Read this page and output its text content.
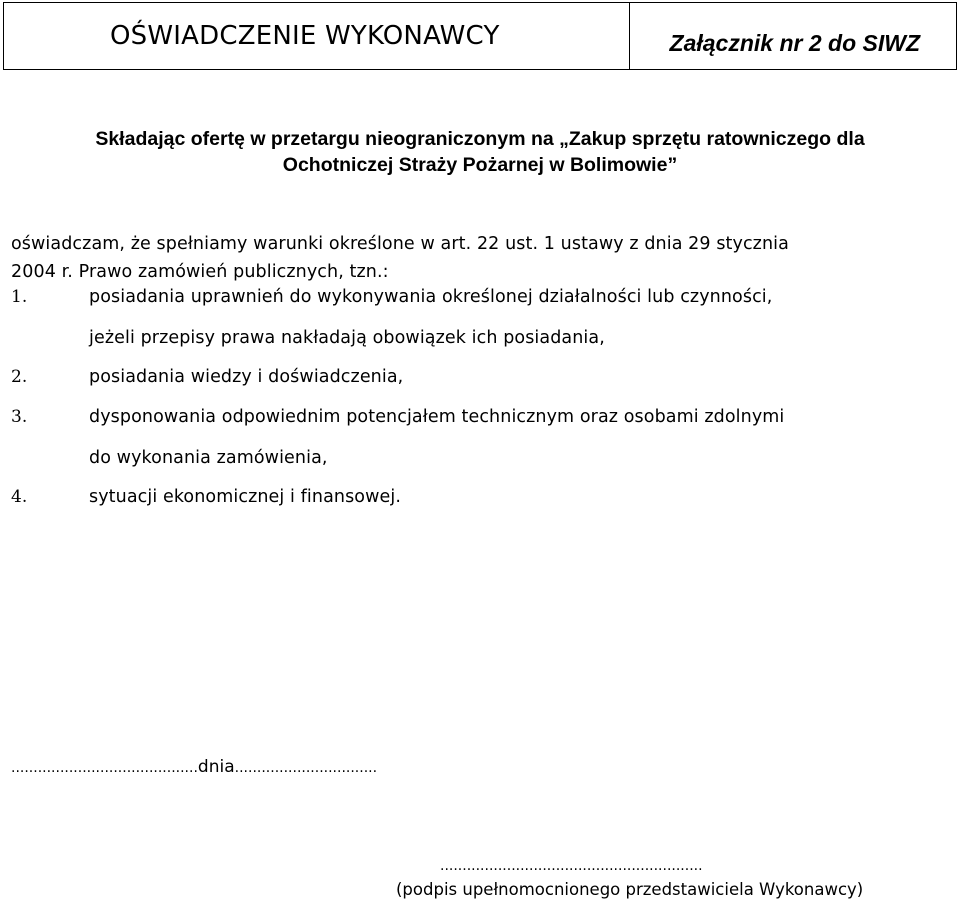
OŚWIADCZENIE WYKONAWCY	Załącznik nr 2 do SIWZ
Składając ofertę w przetargu nieograniczonym na „Zakup sprzętu ratowniczego dla
Ochotniczej Straży Pożarnej w Bolimowie”
oświadczam, że spełniamy warunki określone w art. 22 ust. 1 ustawy z dnia 29 stycznia
2004 r. Prawo zamówień publicznych, tzn.:
1.	posiadania uprawnień do wykonywania określonej działalności lub czynności,
jeżeli przepisy prawa nakładają obowiązek ich posiadania,
2.	posiadania wiedzy i doświadczenia,
3.	dysponowania odpowiednim potencjałem technicznym oraz osobami zdolnymi
do wykonania zamówienia,
4.	sytuacji ekonomicznej i finansowej.
..........................................dnia................................
...........................................................
(podpis upełnomocnionego przedstawiciela Wykonawcy)
